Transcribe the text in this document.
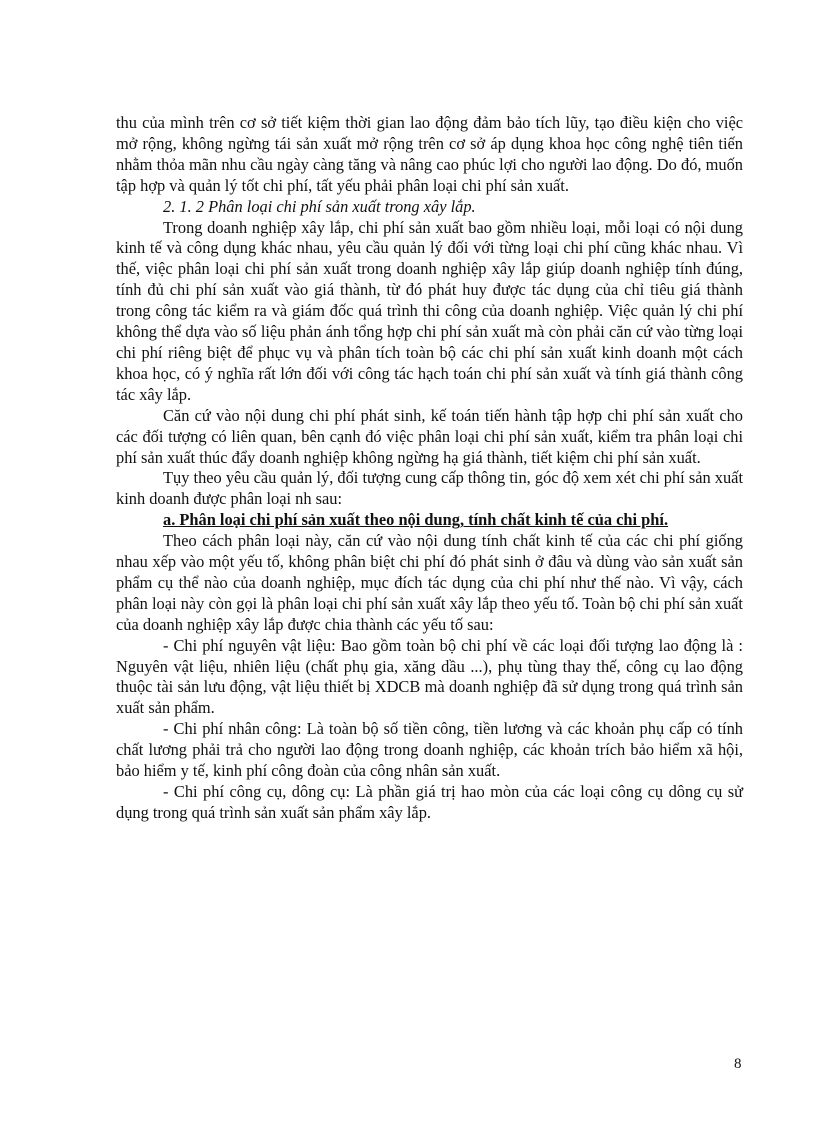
thu của mình trên cơ sở tiết kiệm thời gian lao động đảm bảo tích lũy, tạo điều kiện cho việc mở rộng, không ngừng tái sản xuất mở rộng trên cơ sở áp dụng khoa học công nghệ tiên tiến nhằm thỏa mãn nhu cầu ngày càng tăng và nâng cao phúc lợi cho người lao động. Do đó, muốn tập hợp và quản lý tốt chi phí, tất yếu phải phân loại chi phí sản xuất.

2. 1. 2 Phân loại chi phí sản xuất trong xây lắp.

Trong doanh nghiệp xây lắp, chi phí sản xuất bao gồm nhiều loại, mỗi loại có nội dung kinh tế và công dụng khác nhau, yêu cầu quản lý đối với từng loại chi phí cũng khác nhau. Vì thế, việc phân loại chi phí sản xuất trong doanh nghiệp xây lắp giúp doanh nghiệp tính đúng, tính đủ chi phí sản xuất vào giá thành, từ đó phát huy được tác dụng của chỉ tiêu giá thành trong công tác kiểm ra và giám đốc quá trình thi công của doanh nghiệp. Việc quản lý chi phí không thể dựa vào số liệu phản ánh tổng hợp chi phí sản xuất mà còn phải căn cứ vào từng loại chi phí riêng biệt để phục vụ và phân tích toàn bộ các chi phí sản xuất kinh doanh một cách khoa học, có ý nghĩa rất lớn đối với công tác hạch toán chi phí sản xuất và tính giá thành công tác xây lắp.

Căn cứ vào nội dung chi phí phát sinh, kế toán tiến hành tập hợp chi phí sản xuất cho các đối tượng có liên quan, bên cạnh đó việc phân loại chi phí sản xuất, kiểm tra phân loại chi phí sản xuất thúc đẩy doanh nghiệp không ngừng hạ giá thành, tiết kiệm chi phí sản xuất.

Tụy theo yêu cầu quản lý, đối tượng cung cấp thông tin, góc độ xem xét chi phí sản xuất kinh doanh được phân loại nh sau:

a. Phân loại chi phí sản xuất theo nội dung, tính chất kinh tế của chi phí.

Theo cách phân loại này, căn cứ vào nội dung tính chất kinh tế của các chi phí giống nhau xếp vào một yếu tố, không phân biệt chi phí đó phát sinh ở đâu và dùng vào sản xuất sản phẩm cụ thể nào của doanh nghiệp, mục đích tác dụng của chi phí như thế nào. Vì vậy, cách phân loại này còn gọi là phân loại chi phí sản xuất xây lắp theo yếu tố. Toàn bộ chi phí sản xuất của doanh nghiệp xây lắp được chia thành các yếu tố sau:

- Chi phí nguyên vật liệu: Bao gồm toàn bộ chi phí về các loại đối tượng lao động là : Nguyên vật liệu, nhiên liệu (chất phụ gia, xăng dầu ...), phụ tùng thay thế, công cụ lao động thuộc tài sản lưu động, vật liệu thiết bị XDCB mà doanh nghiệp đã sử dụng trong quá trình sản xuất sản phẩm.

- Chi phí nhân công: Là toàn bộ số tiền công, tiền lương và các khoản phụ cấp có tính chất lương phải trả cho người lao động trong doanh nghiệp, các khoản trích bảo hiểm xã hội, bảo hiểm y tế, kinh phí công đoàn của công nhân sản xuất.

- Chi phí công cụ, dông cụ: Là phần giá trị hao mòn của các loại công cụ dông cụ sử dụng trong quá trình sản xuất sản phẩm xây lắp.

8
